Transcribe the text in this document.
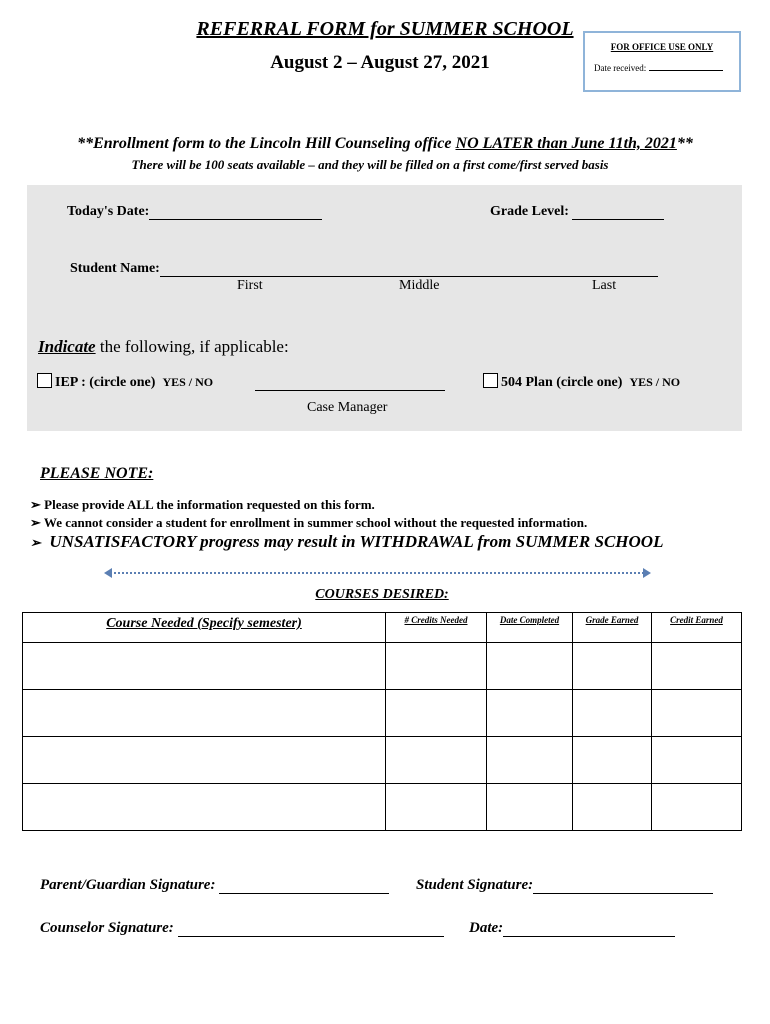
REFERRAL FORM for SUMMER SCHOOL
August 2 – August 27, 2021
FOR OFFICE USE ONLY
Date received:
**Enrollment form to the Lincoln Hill Counseling office NO LATER than June 11th, 2021**
There will be 100 seats available – and they will be filled on a first come/first served basis
Today's Date:	Grade Level:
Student Name:
First	Middle	Last
Indicate the following, if applicable:
IEP : (circle one) YES / NO
Case Manager
504 Plan (circle one) YES / NO
PLEASE NOTE:
➢ Please provide ALL the information requested on this form.
➢ We cannot consider a student for enrollment in summer school without the requested information.
➢ UNSATISFACTORY progress may result in WITHDRAWAL from SUMMER SCHOOL
COURSES DESIRED:
Course Needed (Specify semester)	# Credits Needed	Date Completed	Grade Earned	Credit Earned

Parent/Guardian Signature:	Student Signature:
Counselor Signature:	Date:
